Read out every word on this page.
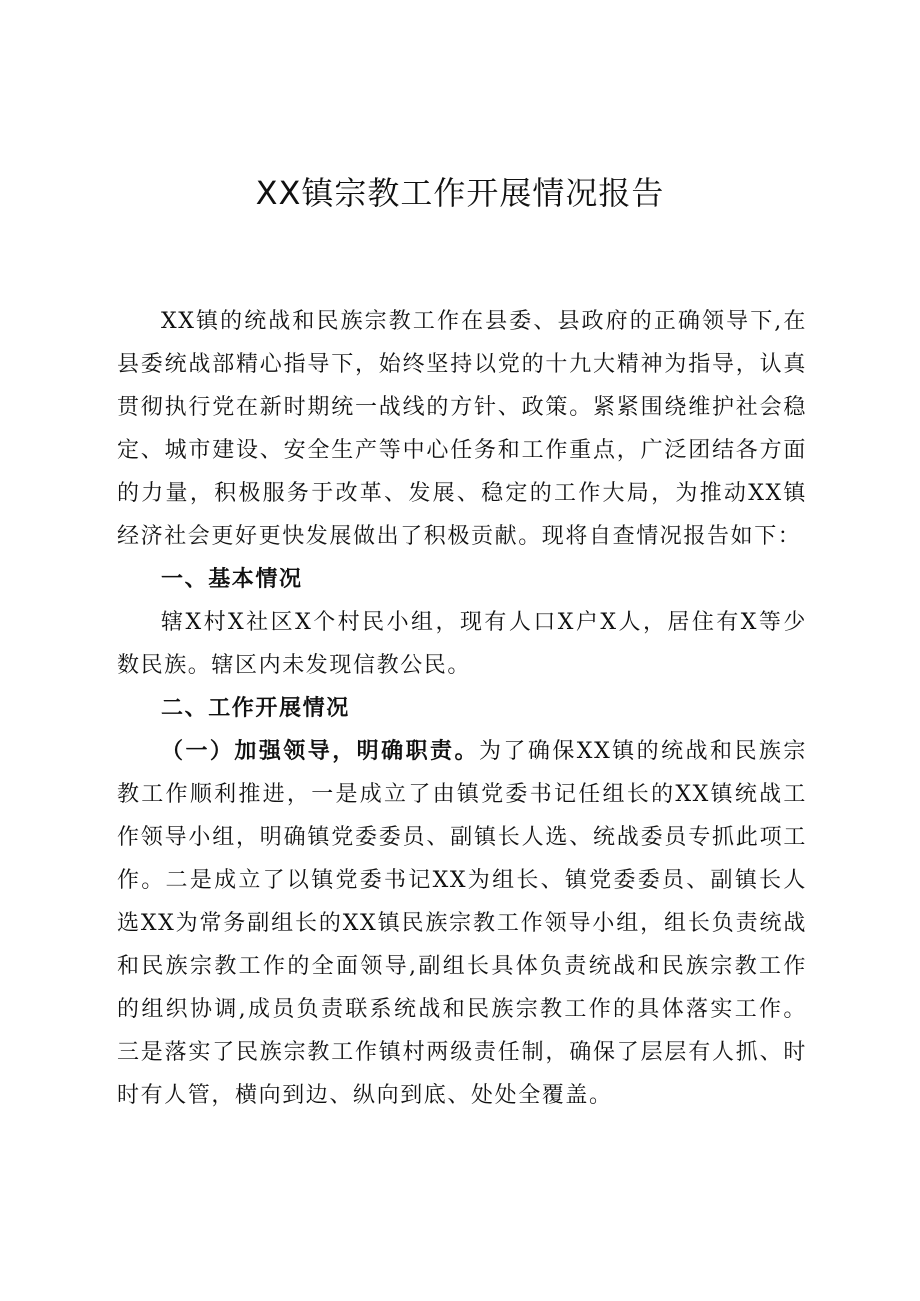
XX镇宗教工作开展情况报告

XX镇的统战和民族宗教工作在县委、县政府的正确领导下,在县委统战部精心指导下，始终坚持以党的十九大精神为指导，认真贯彻执行党在新时期统一战线的方针、政策。紧紧围绕维护社会稳定、城市建设、安全生产等中心任务和工作重点，广泛团结各方面的力量，积极服务于改革、发展、稳定的工作大局，为推动XX镇经济社会更好更快发展做出了积极贡献。现将自查情况报告如下：

一、基本情况

辖X村X社区X个村民小组，现有人口X户X人，居住有X等少数民族。辖区内未发现信教公民。

二、工作开展情况

（一）加强领导，明确职责。为了确保XX镇的统战和民族宗教工作顺利推进，一是成立了由镇党委书记任组长的XX镇统战工作领导小组，明确镇党委委员、副镇长人选、统战委员专抓此项工作。二是成立了以镇党委书记XX为组长、镇党委委员、副镇长人选XX为常务副组长的XX镇民族宗教工作领导小组，组长负责统战和民族宗教工作的全面领导,副组长具体负责统战和民族宗教工作的组织协调,成员负责联系统战和民族宗教工作的具体落实工作。三是落实了民族宗教工作镇村两级责任制，确保了层层有人抓、时时有人管，横向到边、纵向到底、处处全覆盖。
